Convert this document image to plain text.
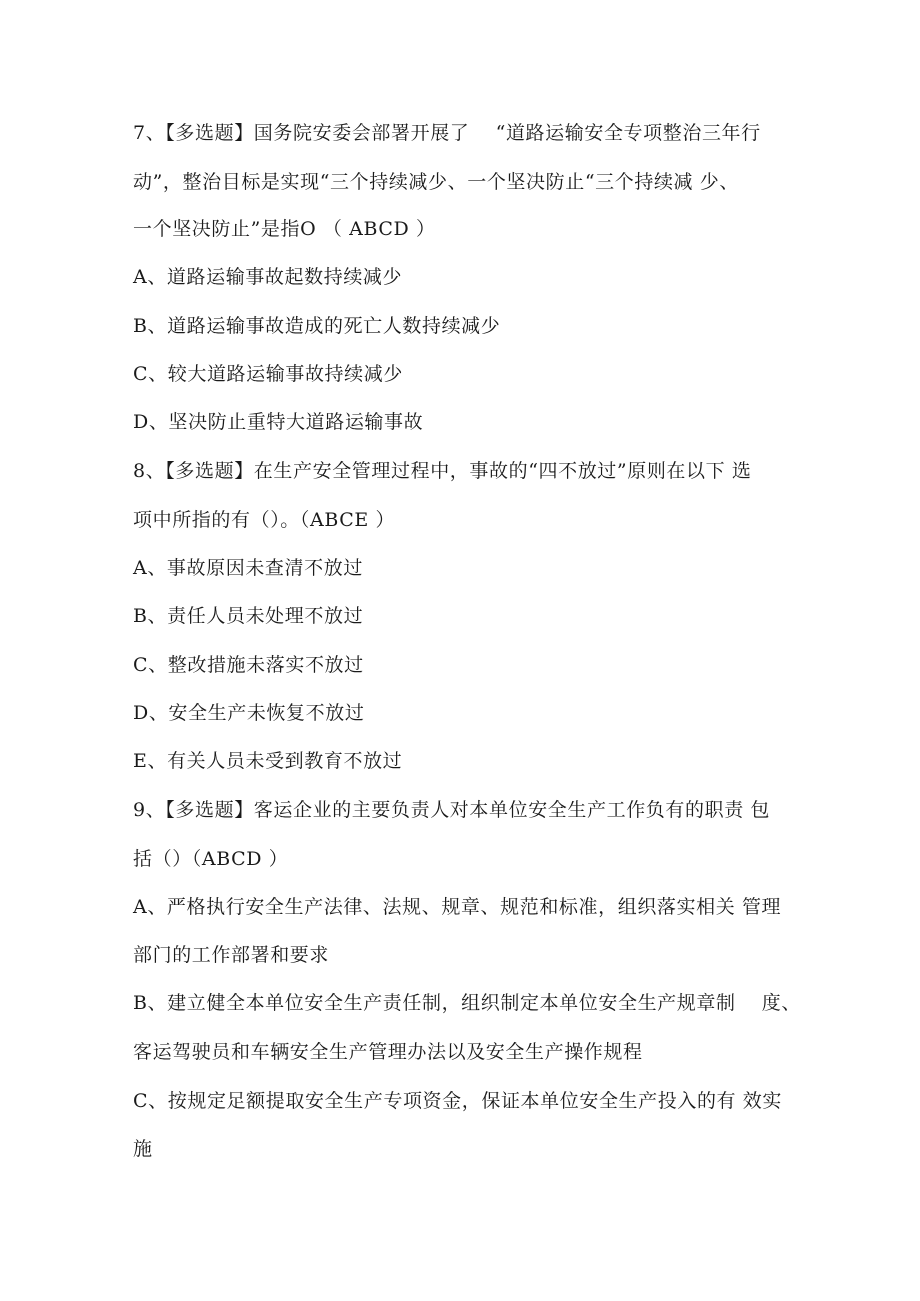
7、【多选题】国务院安委会部署开展了　 “道路运输安全专项整治三年行
动”，整治目标是实现“三个持续减少、一个坚决防止“三个持续减 少、
一个坚决防止”是指O （ ABCD ）
A、道路运输事故起数持续减少
B、道路运输事故造成的死亡人数持续减少
C、较大道路运输事故持续减少
D、坚决防止重特大道路运输事故
8、【多选题】在生产安全管理过程中，事故的“四不放过”原则在以下 选
项中所指的有（）。（ABCE ）
A、事故原因未查清不放过
B、责任人员未处理不放过
C、整改措施未落实不放过
D、安全生产未恢复不放过
E、有关人员未受到教育不放过
9、【多选题】客运企业的主要负责人对本单位安全生产工作负有的职责 包
括（）（ABCD ）
A、严格执行安全生产法律、法规、规章、规范和标准，组织落实相关 管理
部门的工作部署和要求
B、建立健全本单位安全生产责任制，组织制定本单位安全生产规章制　 度、
客运驾驶员和车辆安全生产管理办法以及安全生产操作规程
C、按规定足额提取安全生产专项资金，保证本单位安全生产投入的有 效实
施
